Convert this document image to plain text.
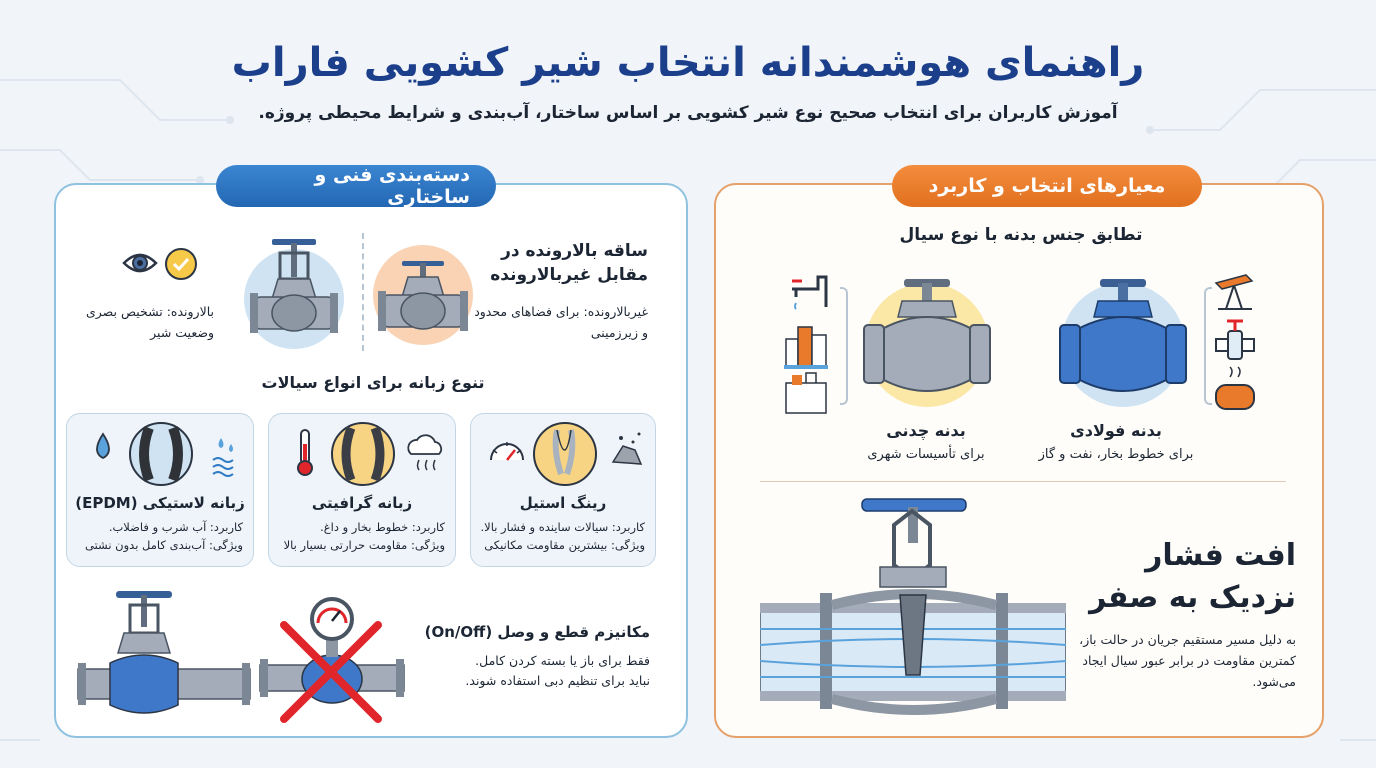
راهنمای هوشمندانه انتخاب شیر کشویی فاراب
آموزش کاربران برای انتخاب صحیح نوع شیر کشویی بر اساس ساختار، آب‌بندی و شرایط محیطی پروژه.
دسته‌بندی فنی و ساختاری
ساقه بالارونده در مقابل غیربالارونده
غیربالارونده: برای فضاهای محدود و زیرزمینی
بالارونده: تشخیص بصری وضعیت شیر
تنوع زبانه برای انواع سیالات
رینگ استیل
کاربرد: سیالات ساینده و فشار بالا.
ویژگی: بیشترین مقاومت مکانیکی
زبانه گرافیتی
کاربرد: خطوط بخار و داغ.
ویژگی: مقاومت حرارتی بسیار بالا
زبانه لاستیکی (EPDM)
کاربرد: آب شرب و فاضلاب.
ویژگی: آب‌بندی کامل بدون نشتی
مکانیزم قطع و وصل (On/Off)
فقط برای باز یا بسته کردن کامل.
نباید برای تنظیم دبی استفاده شوند.
معیارهای انتخاب و کاربرد
تطابق جنس بدنه با نوع سیال
بدنه فولادی
برای خطوط بخار، نفت و گاز
بدنه چدنی
برای تأسیسات شهری
افت فشار
نزدیک به صفر
به دلیل مسیر مستقیم جریان در حالت باز، کمترین مقاومت در برابر عبور سیال ایجاد می‌شود.
